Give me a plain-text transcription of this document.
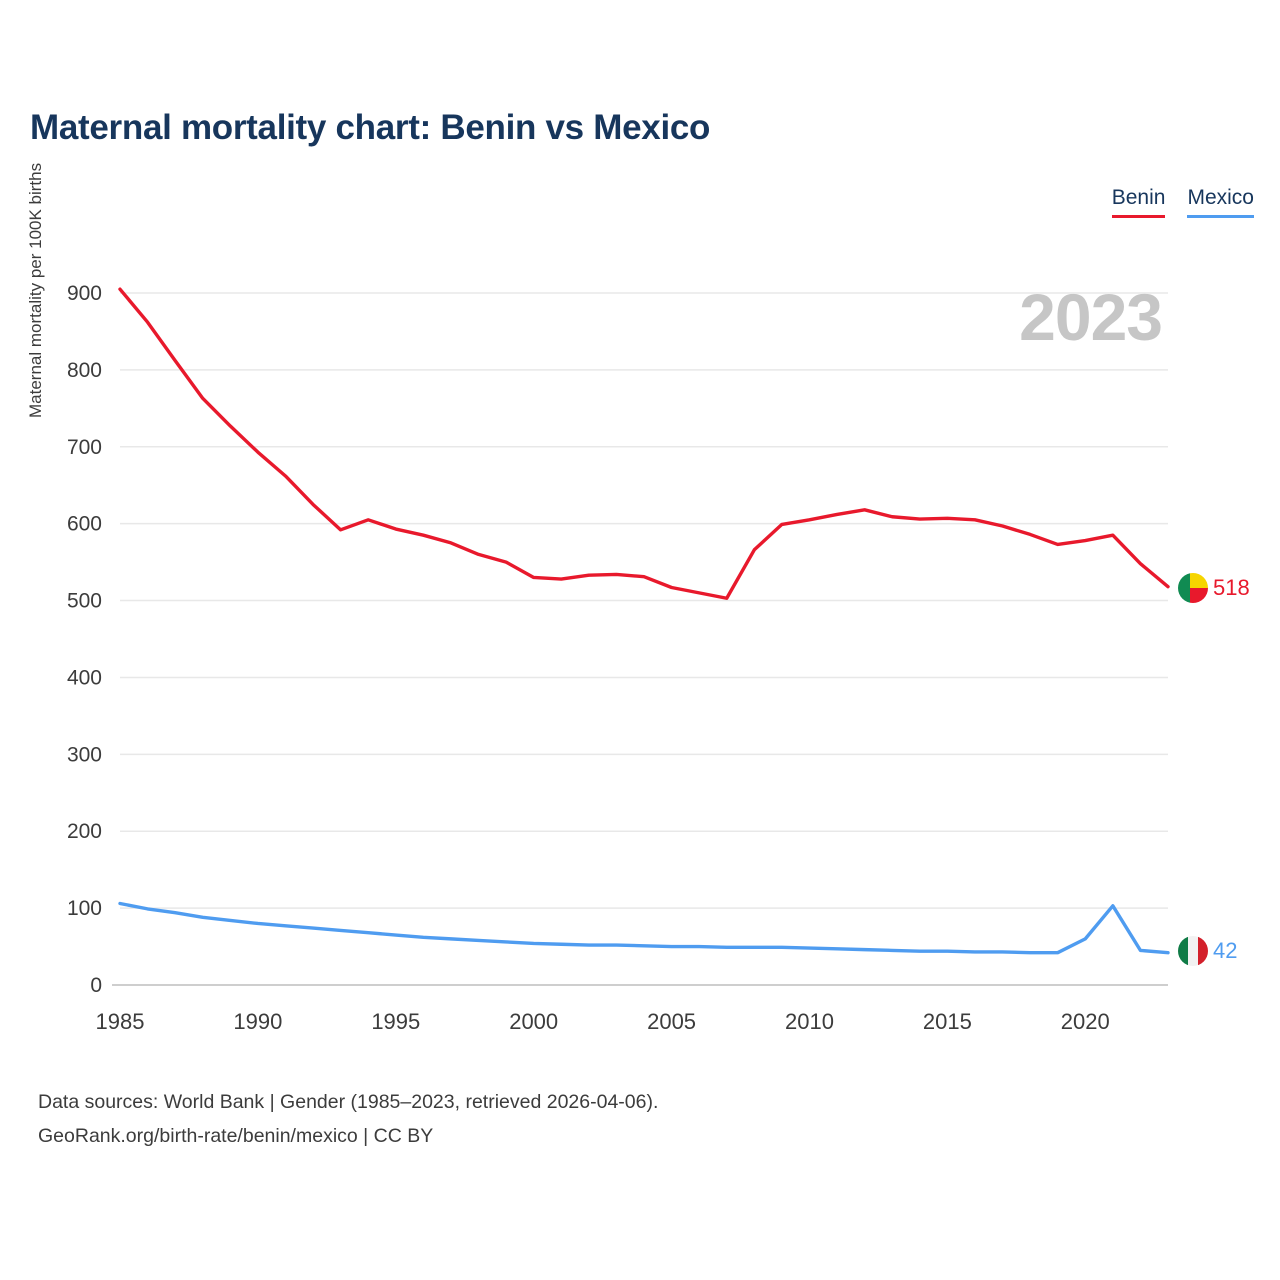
Maternal mortality chart: Benin vs Mexico
Benin Mexico
Maternal mortality per 100K births	2023
0
100
200
300
400
500
600
700
800
900
1985	1990	1995	2000	2005	2010	2015	2020
518
42
Data sources: World Bank | Gender (1985–2023, retrieved 2026-04-06).
GeoRank.org/birth-rate/benin/mexico | CC BY
